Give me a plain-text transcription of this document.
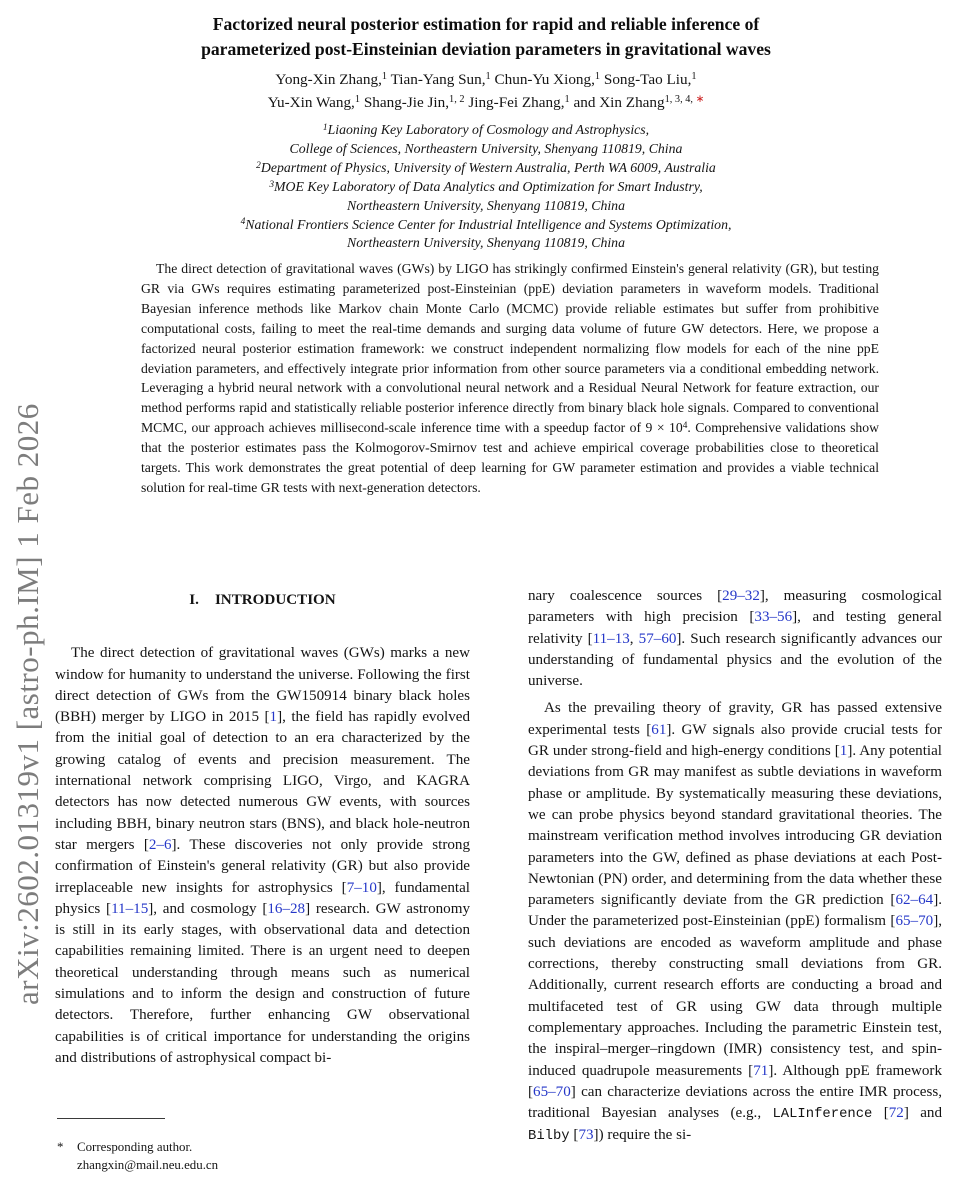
arXiv:2602.01319v1 [astro-ph.IM] 1 Feb 2026
Factorized neural posterior estimation for rapid and reliable inference of
parameterized post-Einsteinian deviation parameters in gravitational waves
Yong-Xin Zhang,$^1$ Tian-Yang Sun,$^1$ Chun-Yu Xiong,$^1$ Song-Tao Liu,$^1$
Yu-Xin Wang,$^1$ Shang-Jie Jin,$^{1, 2}$ Jing-Fei Zhang,$^1$ and Xin Zhang$^{1, 3, 4,}$ ∗
$^1$Liaoning Key Laboratory of Cosmology and Astrophysics,
College of Sciences, Northeastern University, Shenyang 110819, China
$^2$Department of Physics, University of Western Australia, Perth WA 6009, Australia
$^3$MOE Key Laboratory of Data Analytics and Optimization for Smart Industry,
Northeastern University, Shenyang 110819, China
$^4$National Frontiers Science Center for Industrial Intelligence and Systems Optimization,
Northeastern University, Shenyang 110819, China

The direct detection of gravitational waves (GWs) by LIGO has strikingly confirmed Einstein's general relativity (GR), but testing GR via GWs requires estimating parameterized post-Einsteinian (ppE) deviation parameters in waveform models. Traditional Bayesian inference methods like Markov chain Monte Carlo (MCMC) provide reliable estimates but suffer from prohibitive computational costs, failing to meet the real-time demands and surging data volume of future GW detectors. Here, we propose a factorized neural posterior estimation framework: we construct independent normalizing flow models for each of the nine ppE deviation parameters, and effectively integrate prior information from other source parameters via a conditional embedding network. Leveraging a hybrid neural network with a convolutional neural network and a Residual Neural Network for feature extraction, our method performs rapid and statistically reliable posterior inference directly from binary black hole signals. Compared to conventional MCMC, our approach achieves millisecond-scale inference time with a speedup factor of $9 \times 10^4$. Comprehensive validations show that the posterior estimates pass the Kolmogorov-Smirnov test and achieve empirical coverage probabilities close to theoretical targets. This work demonstrates the great potential of deep learning for GW parameter estimation and provides a viable technical solution for real-time GR tests with next-generation detectors.

I. INTRODUCTION

The direct detection of gravitational waves (GWs) marks a new window for humanity to understand the universe. Following the first direct detection of GWs from the GW150914 binary black holes (BBH) merger by LIGO in 2015 [1], the field has rapidly evolved from the initial goal of detection to an era characterized by the growing catalog of events and precision measurement. The international network comprising LIGO, Virgo, and KAGRA detectors has now detected numerous GW events, with sources including BBH, binary neutron stars (BNS), and black hole-neutron star mergers [2–6]. These discoveries not only provide strong confirmation of Einstein's general relativity (GR) but also provide irreplaceable new insights for astrophysics [7–10], fundamental physics [11–15], and cosmology [16–28] research. GW astronomy is still in its early stages, with observational data and detection capabilities remaining limited. There is an urgent need to deepen theoretical understanding through means such as numerical simulations and to inform the design and construction of future detectors. Therefore, further enhancing GW observational capabilities is of critical importance for understanding the origins and distributions of astrophysical compact bi-

nary coalescence sources [29–32], measuring cosmological parameters with high precision [33–56], and testing general relativity [11–13, 57–60]. Such research significantly advances our understanding of fundamental physics and the evolution of the universe.

As the prevailing theory of gravity, GR has passed extensive experimental tests [61]. GW signals also provide crucial tests for GR under strong-field and high-energy conditions [1]. Any potential deviations from GR may manifest as subtle deviations in waveform phase or amplitude. By systematically measuring these deviations, we can probe physics beyond standard gravitational theories. The mainstream verification method involves introducing GR deviation parameters into the GW, defined as phase deviations at each Post-Newtonian (PN) order, and determining from the data whether these parameters significantly deviate from the GR prediction [62–64]. Under the parameterized post-Einsteinian (ppE) formalism [65–70], such deviations are encoded as waveform amplitude and phase corrections, thereby constructing small deviations from GR. Additionally, current research efforts are conducting a broad and multifaceted test of GR using GW data through multiple complementary approaches. Including the parametric Einstein test, the inspiral–merger–ringdown (IMR) consistency test, and spin-induced quadrupole measurements [71]. Although ppE framework [65–70] can characterize deviations across the entire IMR process, traditional Bayesian analyses (e.g., LALInference [72] and Bilby [73]) require the si-

*	Corresponding author.
zhangxin@mail.neu.edu.cn
